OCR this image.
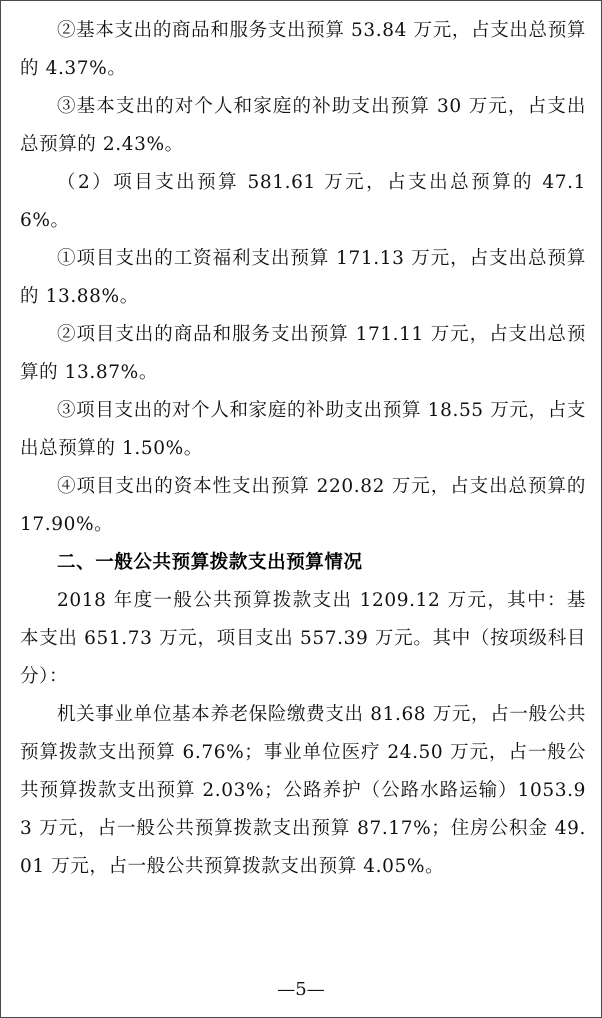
②基本支出的商品和服务支出预算 53.84 万元，占支出总预算的 4.37%。

③基本支出的对个人和家庭的补助支出预算 30 万元，占支出总预算的 2.43%。

（2）项目支出预算 581.61 万元，占支出总预算的 47.16%。

①项目支出的工资福利支出预算 171.13 万元，占支出总预算的 13.88%。

②项目支出的商品和服务支出预算 171.11 万元，占支出总预算的 13.87%。

③项目支出的对个人和家庭的补助支出预算 18.55 万元，占支出总预算的 1.50%。

④项目支出的资本性支出预算 220.82 万元，占支出总预算的 17.90%。

二、一般公共预算拨款支出预算情况

2018 年度一般公共预算拨款支出 1209.12 万元，其中：基本支出 651.73 万元，项目支出 557.39 万元。其中（按项级科目分）：

机关事业单位基本养老保险缴费支出 81.68 万元，占一般公共预算拨款支出预算 6.76%；事业单位医疗 24.50 万元，占一般公共预算拨款支出预算 2.03%；公路养护（公路水路运输）1053.93 万元，占一般公共预算拨款支出预算 87.17%；住房公积金 49.01 万元，占一般公共预算拨款支出预算 4.05%。

—5—
